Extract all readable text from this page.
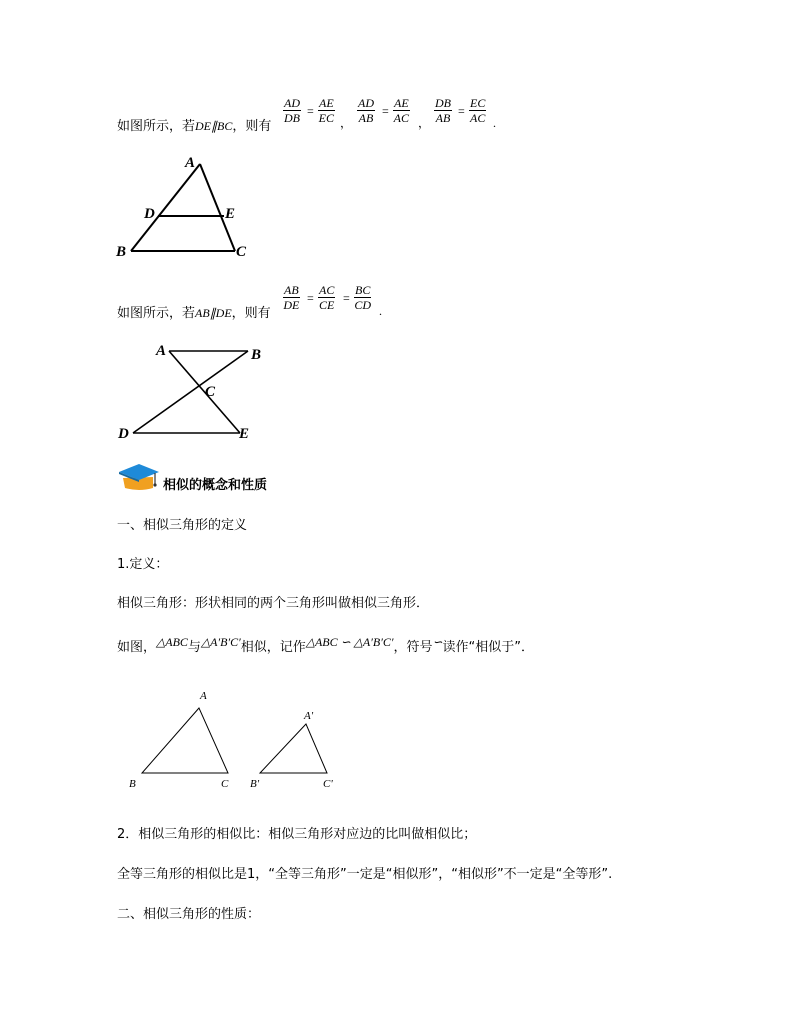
如图所示，若DE∥BC，则有
$\frac{AD}{DB} = \frac{AE}{EC}$ ， $\frac{AD}{AB} = \frac{AE}{AC}$ ， $\frac{DB}{AB} = \frac{EC}{AC}$ .
A
D	E
B	C
如图所示，若AB∥DE，则有
$\frac{AB}{DE} = \frac{AC}{CE} = \frac{BC}{CD}$ .
A	B
C
D	E
相似的概念和性质
一、相似三角形的定义
1.定义：
相似三角形：形状相同的两个三角形叫做相似三角形．
如图，△ABC与△A′B′C′相似，记作△ABC ∽ △A′B′C′，符号∽读作“相似于”．
A
B	C
A'
B'	C'
2．相似三角形的相似比：相似三角形对应边的比叫做相似比；
全等三角形的相似比是1，“全等三角形”一定是“相似形”，“相似形”不一定是“全等形”.
二、相似三角形的性质：
